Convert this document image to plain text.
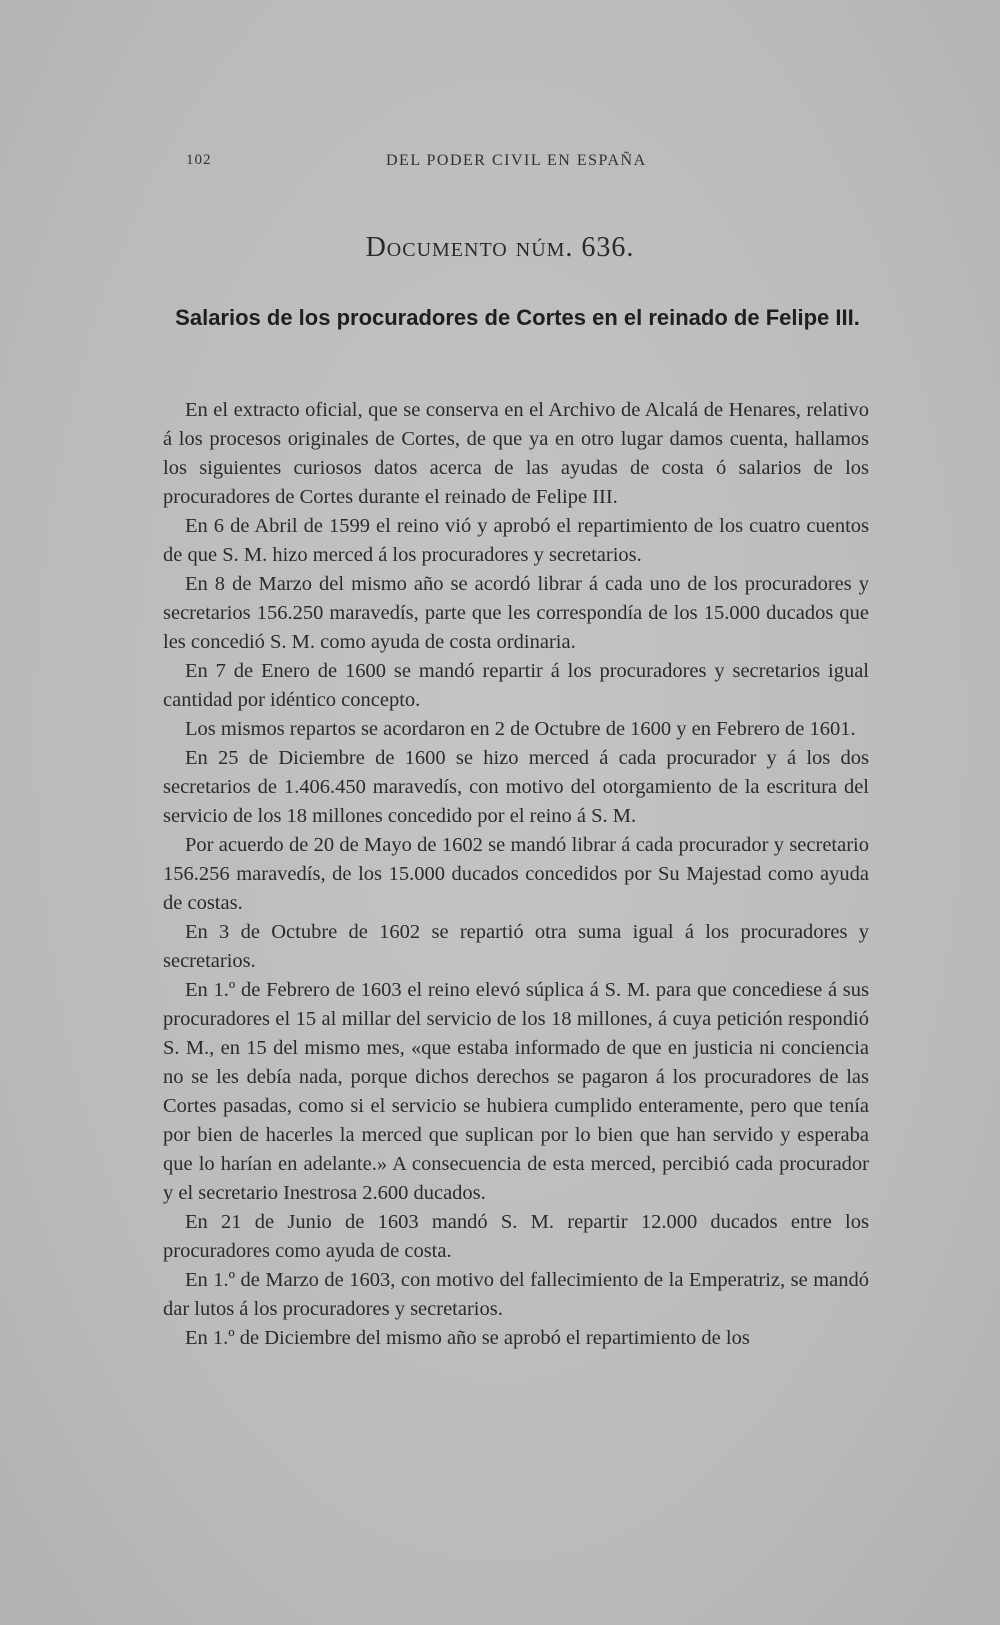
102	DEL PODER CIVIL EN ESPAÑA
Documento núm. 636.
Salarios de los procuradores de Cortes en el reinado de Felipe III.

En el extracto oficial, que se conserva en el Archivo de Alcalá de Henares, relativo á los procesos originales de Cortes, de que ya en otro lugar damos cuenta, hallamos los siguientes curiosos datos acerca de las ayudas de costa ó salarios de los procuradores de Cortes durante el reinado de Felipe III.

En 6 de Abril de 1599 el reino vió y aprobó el repartimiento de los cuatro cuentos de que S. M. hizo merced á los procuradores y secretarios.

En 8 de Marzo del mismo año se acordó librar á cada uno de los procuradores y secretarios 156.250 maravedís, parte que les correspondía de los 15.000 ducados que les concedió S. M. como ayuda de costa ordinaria.

En 7 de Enero de 1600 se mandó repartir á los procuradores y secretarios igual cantidad por idéntico concepto.

Los mismos repartos se acordaron en 2 de Octubre de 1600 y en Febrero de 1601.

En 25 de Diciembre de 1600 se hizo merced á cada procurador y á los dos secretarios de 1.406.450 maravedís, con motivo del otorgamiento de la escritura del servicio de los 18 millones concedido por el reino á S. M.

Por acuerdo de 20 de Mayo de 1602 se mandó librar á cada procurador y secretario 156.256 maravedís, de los 15.000 ducados concedidos por Su Majestad como ayuda de costas.

En 3 de Octubre de 1602 se repartió otra suma igual á los procuradores y secretarios.

En 1.º de Febrero de 1603 el reino elevó súplica á S. M. para que concediese á sus procuradores el 15 al millar del servicio de los 18 millones, á cuya petición respondió S. M., en 15 del mismo mes, «que estaba informado de que en justicia ni conciencia no se les debía nada, porque dichos derechos se pagaron á los procuradores de las Cortes pasadas, como si el servicio se hubiera cumplido enteramente, pero que tenía por bien de hacerles la merced que suplican por lo bien que han servido y esperaba que lo harían en adelante.» A consecuencia de esta merced, percibió cada procurador y el secretario Inestrosa 2.600 ducados.

En 21 de Junio de 1603 mandó S. M. repartir 12.000 ducados entre los procuradores como ayuda de costa.

En 1.º de Marzo de 1603, con motivo del fallecimiento de la Emperatriz, se mandó dar lutos á los procuradores y secretarios.

En 1.º de Diciembre del mismo año se aprobó el repartimiento de los
